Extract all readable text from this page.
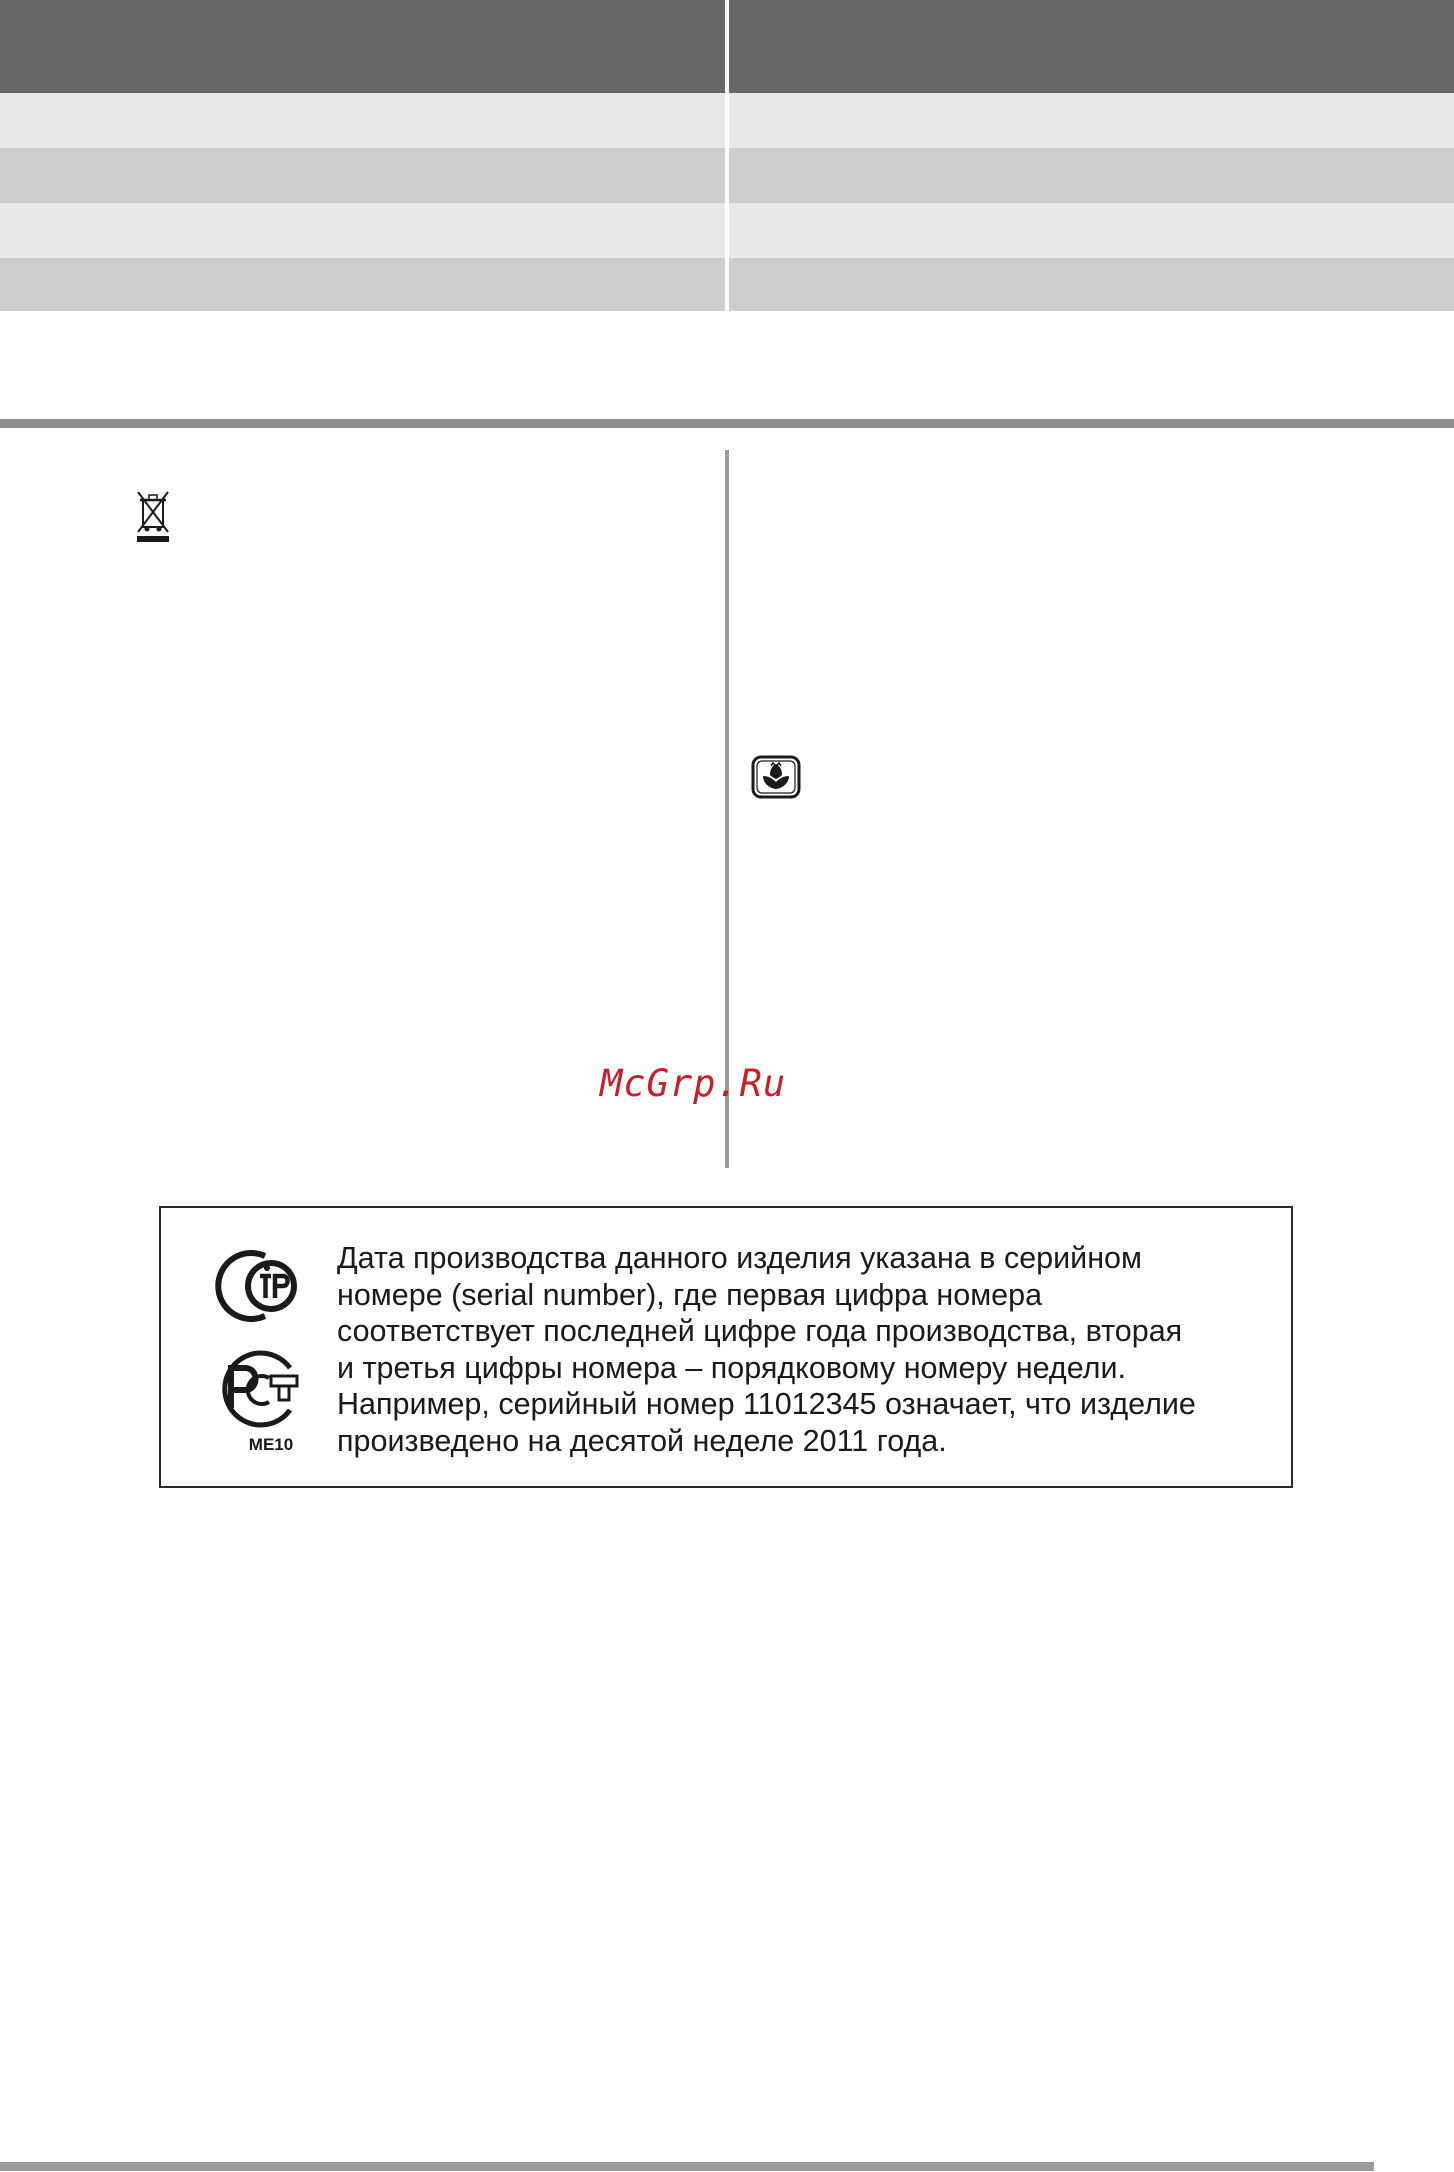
McGrp.Ru
ME10
Дата производства данного изделия указана в серийном
номере (serial number), где первая цифра номера
соответствует последней цифре года производства, вторая
и третья цифры номера – порядковому номеру недели.
Например, серийный номер 11012345 означает, что изделие
произведено на десятой неделе 2011 года.
